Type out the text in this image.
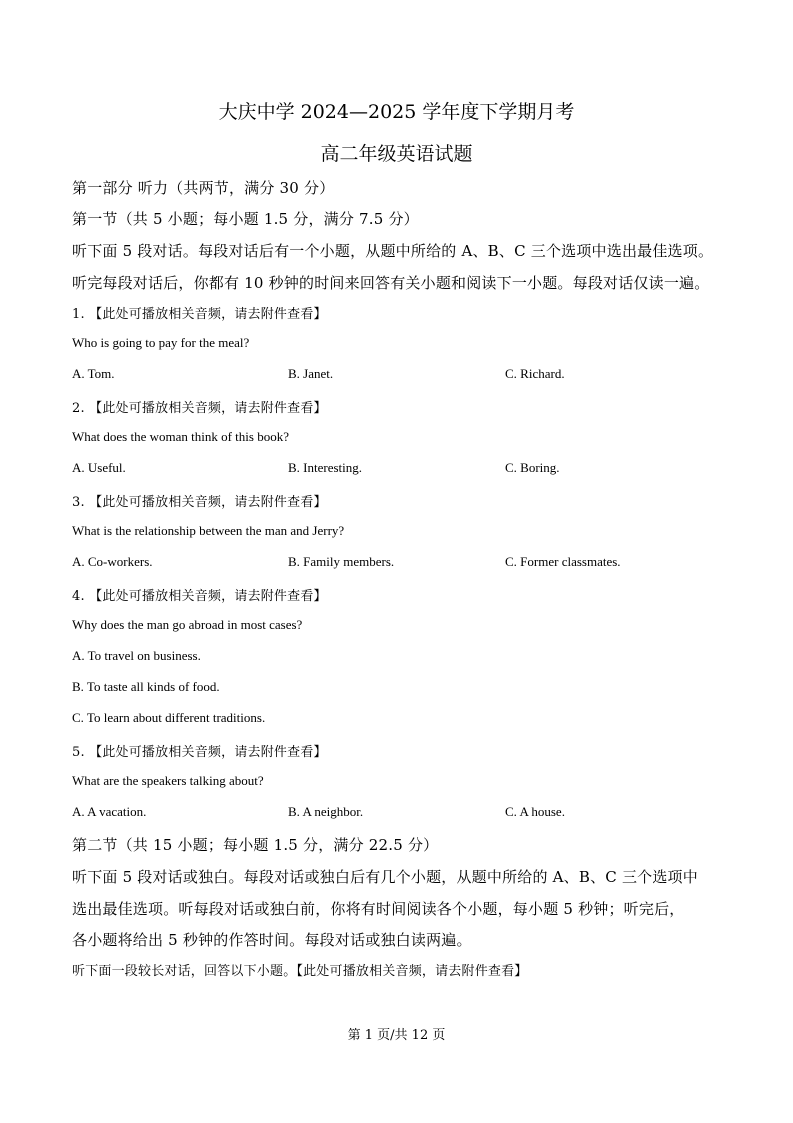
大庆中学 2024—2025 学年度下学期月考
高二年级英语试题
第一部分 听力（共两节，满分 30 分）
第一节（共 5 小题；每小题 1.5 分，满分 7.5 分）
听下面 5 段对话。每段对话后有一个小题，从题中所给的 A、B、C 三个选项中选出最佳选项。
听完每段对话后，你都有 10 秒钟的时间来回答有关小题和阅读下一小题。每段对话仅读一遍。
1. 【此处可播放相关音频，请去附件查看】
Who is going to pay for the meal?
A. Tom.	B. Janet.	C. Richard.
2. 【此处可播放相关音频，请去附件查看】
What does the woman think of this book?
A. Useful.	B. Interesting.	C. Boring.
3. 【此处可播放相关音频，请去附件查看】
What is the relationship between the man and Jerry?
A. Co-workers.	B. Family members.	C. Former classmates.
4. 【此处可播放相关音频，请去附件查看】
Why does the man go abroad in most cases?
A. To travel on business.
B. To taste all kinds of food.
C. To learn about different traditions.
5. 【此处可播放相关音频，请去附件查看】
What are the speakers talking about?
A. A vacation.	B. A neighbor.	C. A house.
第二节（共 15 小题；每小题 1.5 分，满分 22.5 分）
听下面 5 段对话或独白。每段对话或独白后有几个小题，从题中所给的 A、B、C 三个选项中
选出最佳选项。听每段对话或独白前，你将有时间阅读各个小题，每小题 5 秒钟；听完后，
各小题将给出 5 秒钟的作答时间。每段对话或独白读两遍。
听下面一段较长对话，回答以下小题。【此处可播放相关音频，请去附件查看】
第 1 页/共 12 页
